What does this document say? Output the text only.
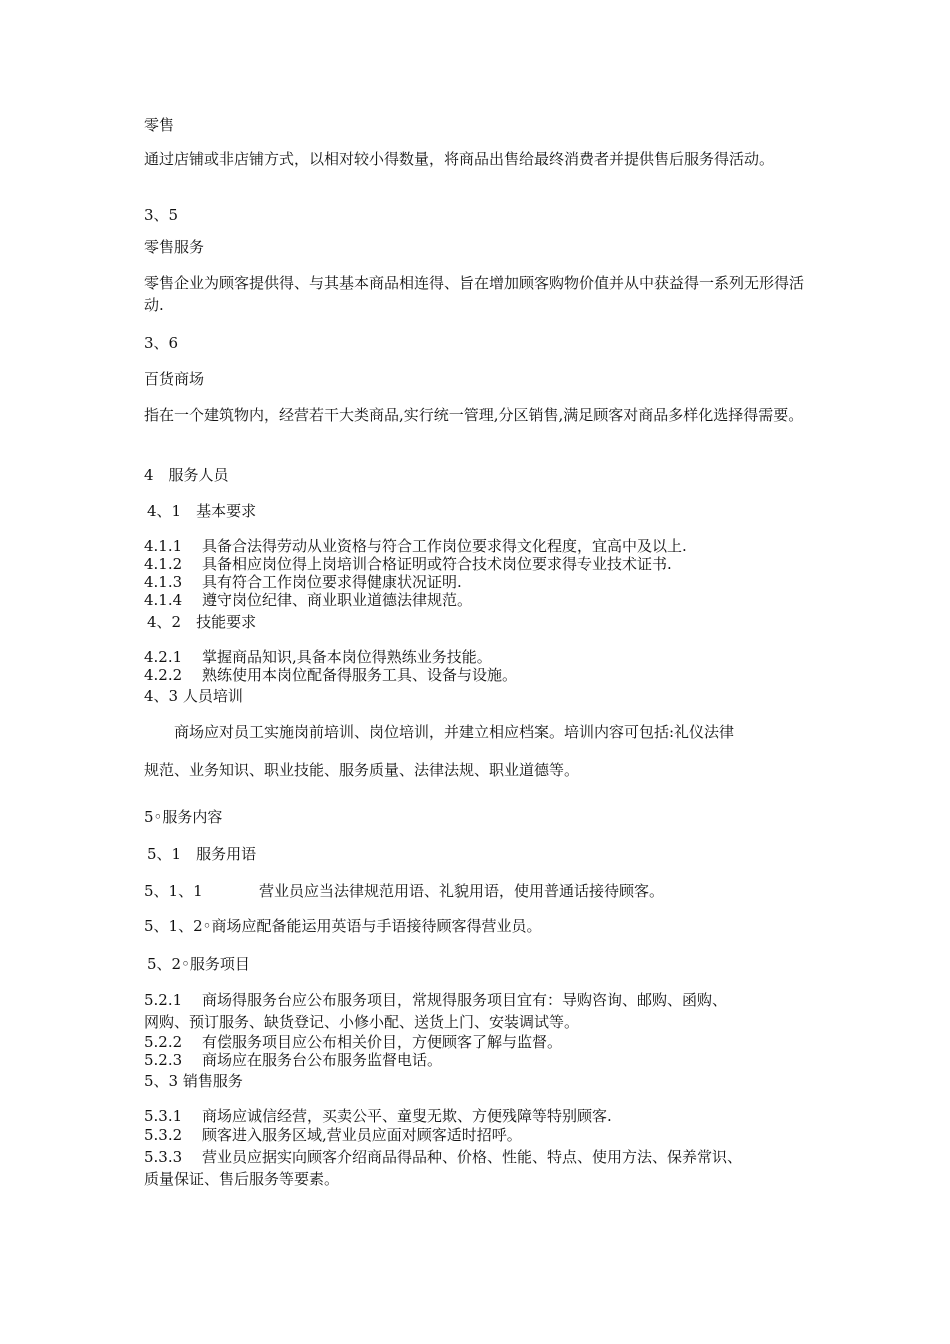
零售

通过店铺或非店铺方式，以相对较小得数量，将商品出售给最终消费者并提供售后服务得活动。

3、5

零售服务

零售企业为顾客提供得、与其基本商品相连得、旨在增加顾客购物价值并从中获益得一系列无形得活动.

3、6

百货商场

指在一个建筑物内，经营若干大类商品,实行统一管理,分区销售,满足顾客对商品多样化选择得需要。

4　服务人员

4、1　基本要求

4.1.1 具备合法得劳动从业资格与符合工作岗位要求得文化程度，宜高中及以上.

4.1.2 具备相应岗位得上岗培训合格证明或符合技术岗位要求得专业技术证书.

4.1.3 具有符合工作岗位要求得健康状况证明.

4.1.4 遵守岗位纪律、商业职业道德法律规范。

4、2　技能要求

4.2.1 掌握商品知识,具备本岗位得熟练业务技能。

4.2.2 熟练使用本岗位配备得服务工具、设备与设施。

4、3 人员培训

　　商场应对员工实施岗前培训、岗位培训，并建立相应档案。培训内容可包括:礼仪法律

规范、业务知识、职业技能、服务质量、法律法规、职业道德等。

5◦服务内容

5、1　服务用语

5、1、1	营业员应当法律规范用语、礼貌用语，使用普通话接待顾客。

5、1、2◦商场应配备能运用英语与手语接待顾客得营业员。

5、2◦服务项目

5.2.1 商场得服务台应公布服务项目，常规得服务项目宜有：导购咨询、邮购、函购、

网购、预订服务、缺货登记、小修小配、送货上门、安装调试等。

5.2.2 有偿服务项目应公布相关价目，方便顾客了解与监督。

5.2.3 商场应在服务台公布服务监督电话。

5、3 销售服务

5.3.1 商场应诚信经营，买卖公平、童叟无欺、方便残障等特别顾客.

5.3.2 顾客进入服务区域,营业员应面对顾客适时招呼。

5.3.3 营业员应据实向顾客介绍商品得品种、价格、性能、特点、使用方法、保养常识、

质量保证、售后服务等要素。
